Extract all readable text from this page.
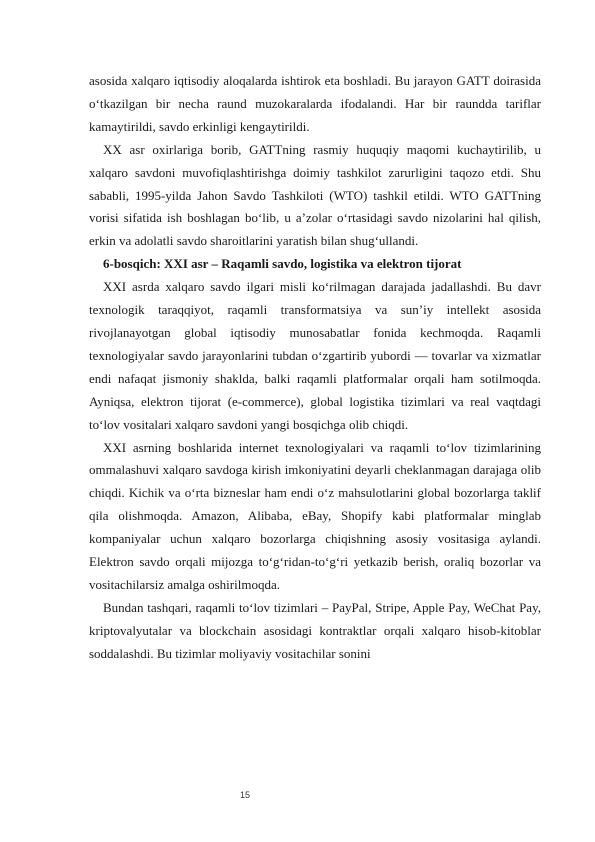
asosida xalqaro iqtisodiy aloqalarda ishtirok eta boshladi. Bu jarayon GATT doirasida o‘tkazilgan bir necha raund muzokaralarda ifodalandi. Har bir raundda tariflar kamaytirildi, savdo erkinligi kengaytirildi.

XX asr oxirlariga borib, GATTning rasmiy huquqiy maqomi kuchaytirilib, u xalqaro savdoni muvofiqlashtirishga doimiy tashkilot zarurligini taqozo etdi. Shu sababli, 1995-yilda Jahon Savdo Tashkiloti (WTO) tashkil etildi. WTO GATTning vorisi sifatida ish boshlagan bo‘lib, u a’zolar o‘rtasidagi savdo nizolarini hal qilish, erkin va adolatli savdo sharoitlarini yaratish bilan shug‘ullandi.

6-bosqich: XXI asr – Raqamli savdo, logistika va elektron tijorat

XXI asrda xalqaro savdo ilgari misli ko‘rilmagan darajada jadallashdi. Bu davr texnologik taraqqiyot, raqamli transformatsiya va sun’iy intellekt asosida rivojlanayotgan global iqtisodiy munosabatlar fonida kechmoqda. Raqamli texnologiyalar savdo jarayonlarini tubdan o‘zgartirib yubordi — tovarlar va xizmatlar endi nafaqat jismoniy shaklda, balki raqamli platformalar orqali ham sotilmoqda. Ayniqsa, elektron tijorat (e-commerce), global logistika tizimlari va real vaqtdagi to‘lov vositalari xalqaro savdoni yangi bosqichga olib chiqdi.

XXI asrning boshlarida internet texnologiyalari va raqamli to‘lov tizimlarining ommalashuvi xalqaro savdoga kirish imkoniyatini deyarli cheklanmagan darajaga olib chiqdi. Kichik va o‘rta bizneslar ham endi o‘z mahsulotlarini global bozorlarga taklif qila olishmoqda. Amazon, Alibaba, eBay, Shopify kabi platformalar minglab kompaniyalar uchun xalqaro bozorlarga chiqishning asosiy vositasiga aylandi. Elektron savdo orqali mijozga to‘g‘ridan-to‘g‘ri yetkazib berish, oraliq bozorlar va vositachilarsiz amalga oshirilmoqda.

Bundan tashqari, raqamli to‘lov tizimlari – PayPal, Stripe, Apple Pay, WeChat Pay, kriptovalyutalar va blockchain asosidagi kontraktlar orqali xalqaro hisob-kitoblar soddalashdi. Bu tizimlar moliyaviy vositachilar sonini

15
